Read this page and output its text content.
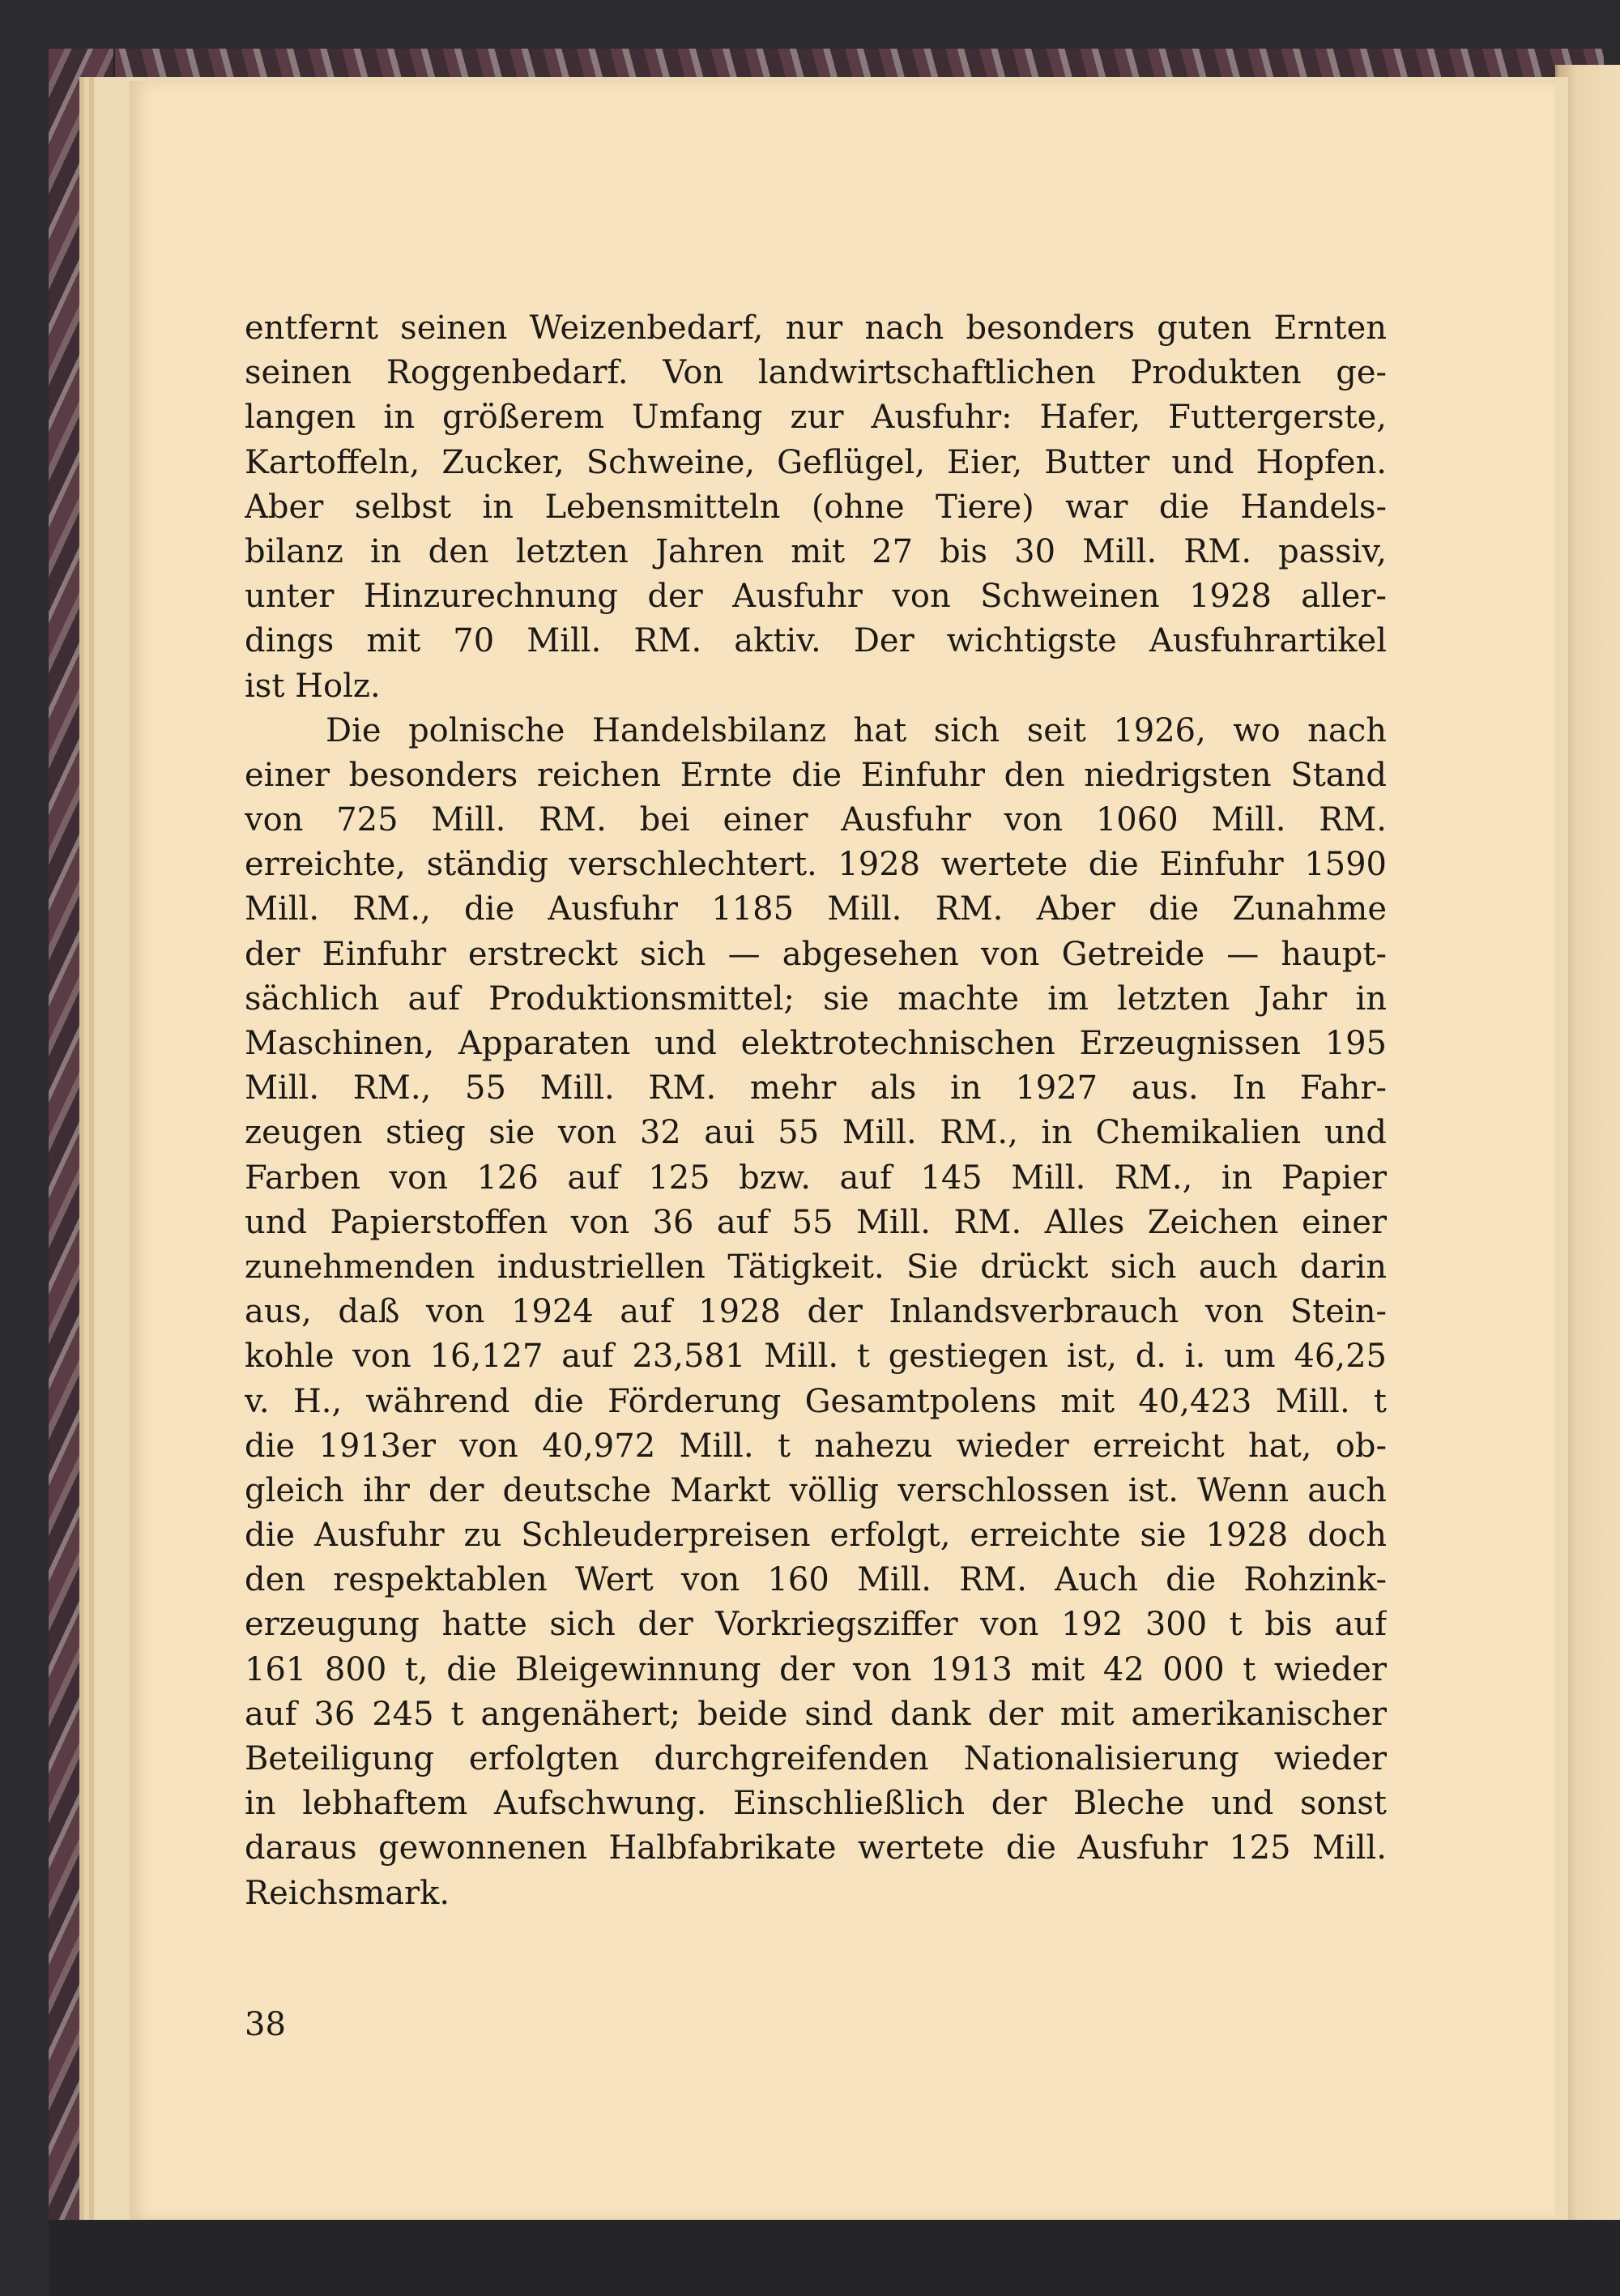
entfernt seinen Weizenbedarf, nur nach besonders guten Ernten
seinen Roggenbedarf. Von landwirtschaftlichen Produkten ge-
langen in größerem Umfang zur Ausfuhr: Hafer, Futtergerste,
Kartoffeln, Zucker, Schweine, Geflügel, Eier, Butter und Hopfen.
Aber selbst in Lebensmitteln (ohne Tiere) war die Handels-
bilanz in den letzten Jahren mit 27 bis 30 Mill. RM. passiv,
unter Hinzurechnung der Ausfuhr von Schweinen 1928 aller-
dings mit 70 Mill. RM. aktiv. Der wichtigste Ausfuhrartikel
ist Holz.
Die polnische Handelsbilanz hat sich seit 1926, wo nach
einer besonders reichen Ernte die Einfuhr den niedrigsten Stand
von 725 Mill. RM. bei einer Ausfuhr von 1060 Mill. RM.
erreichte, ständig verschlechtert. 1928 wertete die Einfuhr 1590
Mill. RM., die Ausfuhr 1185 Mill. RM. Aber die Zunahme
der Einfuhr erstreckt sich — abgesehen von Getreide — haupt-
sächlich auf Produktionsmittel; sie machte im letzten Jahr in
Maschinen, Apparaten und elektrotechnischen Erzeugnissen 195
Mill. RM., 55 Mill. RM. mehr als in 1927 aus. In Fahr-
zeugen stieg sie von 32 aui 55 Mill. RM., in Chemikalien und
Farben von 126 auf 125 bzw. auf 145 Mill. RM., in Papier
und Papierstoffen von 36 auf 55 Mill. RM. Alles Zeichen einer
zunehmenden industriellen Tätigkeit. Sie drückt sich auch darin
aus, daß von 1924 auf 1928 der Inlandsverbrauch von Stein-
kohle von 16,127 auf 23,581 Mill. t gestiegen ist, d. i. um 46,25
v. H., während die Förderung Gesamtpolens mit 40,423 Mill. t
die 1913er von 40,972 Mill. t nahezu wieder erreicht hat, ob-
gleich ihr der deutsche Markt völlig verschlossen ist. Wenn auch
die Ausfuhr zu Schleuderpreisen erfolgt, erreichte sie 1928 doch
den respektablen Wert von 160 Mill. RM. Auch die Rohzink-
erzeugung hatte sich der Vorkriegsziffer von 192 300 t bis auf
161 800 t, die Bleigewinnung der von 1913 mit 42 000 t wieder
auf 36 245 t angenähert; beide sind dank der mit amerikanischer
Beteiligung erfolgten durchgreifenden Nationalisierung wieder
in lebhaftem Aufschwung. Einschließlich der Bleche und sonst
daraus gewonnenen Halbfabrikate wertete die Ausfuhr 125 Mill.
Reichsmark.
38
